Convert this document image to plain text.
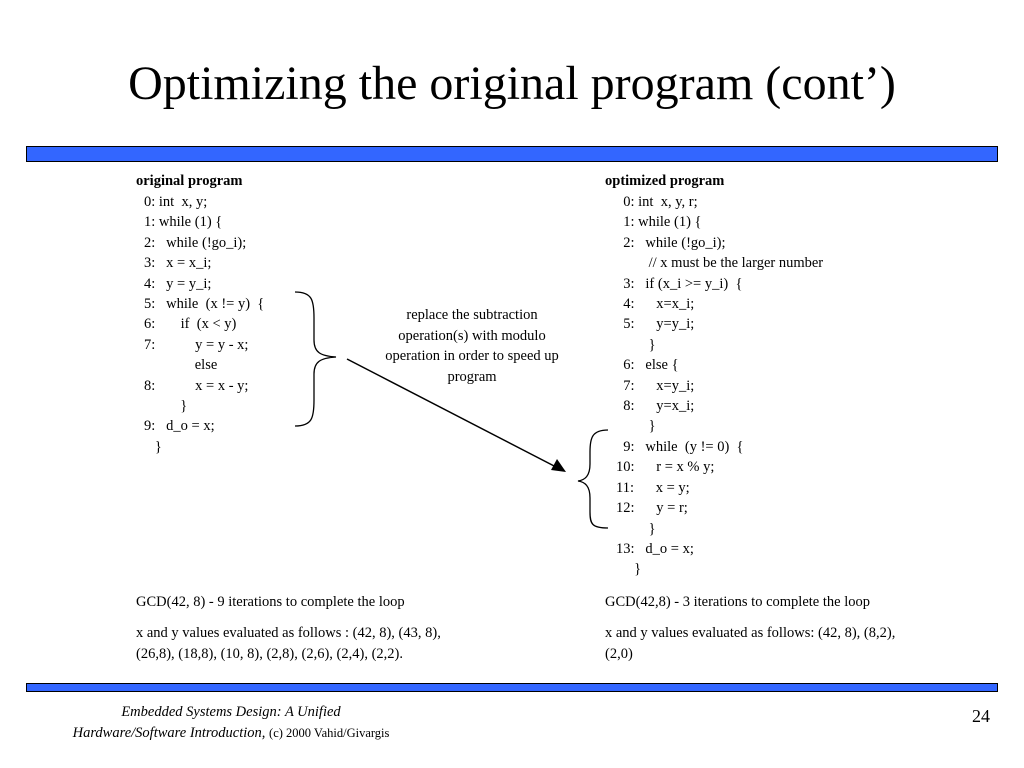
Optimizing the original program (cont’)
original program
0: int  x, y;
1: while (1) {
2:   while (!go_i);
3:   x = x_i;
4:   y = y_i;
5:   while  (x != y)  {
6:       if  (x < y)
7:           y = y - x;
else
8:           x = x - y;
}
9:   d_o = x;
}
optimized program
0: int  x, y, r;
1: while (1) {
2:   while (!go_i);
// x must be the larger number
3:   if (x_i >= y_i)  {
4:      x=x_i;
5:      y=y_i;
}
6:   else {
7:      x=y_i;
8:      y=x_i;
}
9:   while  (y != 0)  {
10:      r = x % y;
11:      x = y;
12:      y = r;
}
13:   d_o = x;
}
replace the subtraction operation(s) with modulo operation in order to speed up program
GCD(42, 8) - 9 iterations to complete the loop
x and y values evaluated as follows : (42, 8), (43, 8),
(26,8), (18,8), (10, 8), (2,8), (2,6), (2,4), (2,2).
GCD(42,8) - 3 iterations to complete the loop
x and y values evaluated as follows: (42, 8), (8,2),
(2,0)
Embedded Systems Design: A Unified
Hardware/Software Introduction, (c) 2000 Vahid/Givargis
24
